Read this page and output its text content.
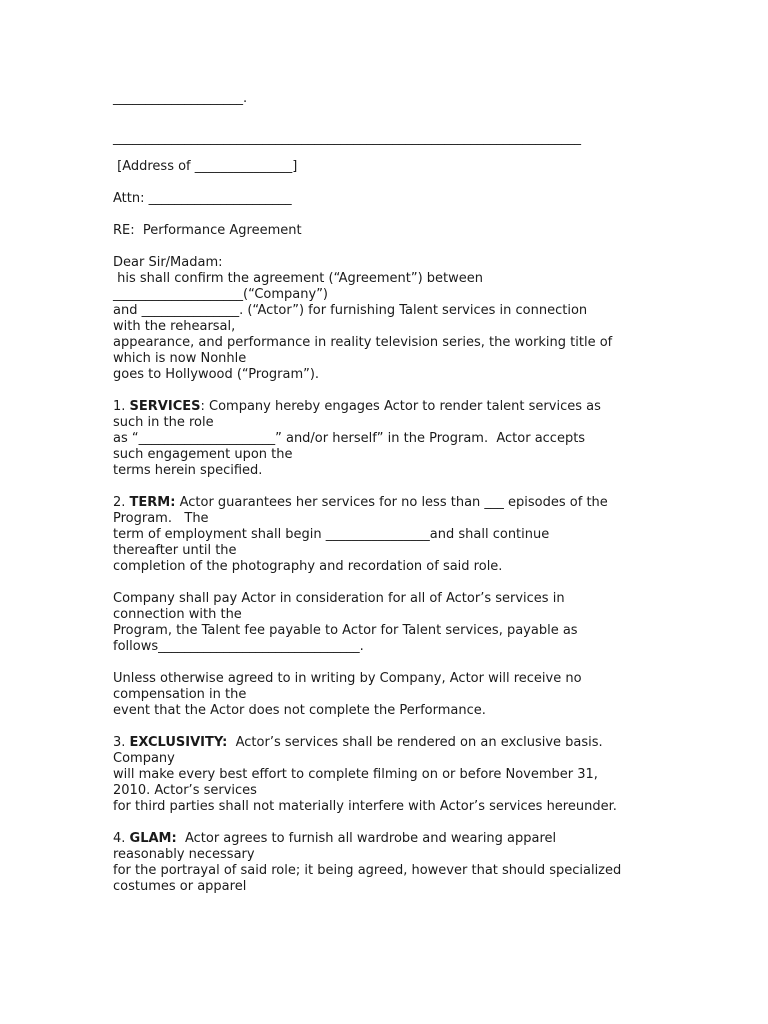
____________________.
________________________________________________________________________
[Address of _______________]
Attn: ______________________
RE:  Performance Agreement
Dear Sir/Madam:
his shall confirm the agreement (“Agreement”) between
____________________(“Company”)
and _______________. (“Actor”) for furnishing Talent services in connection
with the rehearsal,
appearance, and performance in reality television series, the working title of
which is now Nonhle
goes to Hollywood (“Program”).
1. SERVICES: Company hereby engages Actor to render talent services as
such in the role
as “_____________________” and/or herself” in the Program.  Actor accepts
such engagement upon the
terms herein specified.
2. TERM: Actor guarantees her services for no less than ___ episodes of the
Program.   The
term of employment shall begin ________________and shall continue
thereafter until the
completion of the photography and recordation of said role.
Company shall pay Actor in consideration for all of Actor’s services in
connection with the
Program, the Talent fee payable to Actor for Talent services, payable as
follows_______________________________.
Unless otherwise agreed to in writing by Company, Actor will receive no
compensation in the
event that the Actor does not complete the Performance.
3. EXCLUSIVITY:  Actor’s services shall be rendered on an exclusive basis.
Company
will make every best effort to complete filming on or before November 31,
2010. Actor’s services
for third parties shall not materially interfere with Actor’s services hereunder.
4. GLAM:  Actor agrees to furnish all wardrobe and wearing apparel
reasonably necessary
for the portrayal of said role; it being agreed, however that should specialized
costumes or apparel
